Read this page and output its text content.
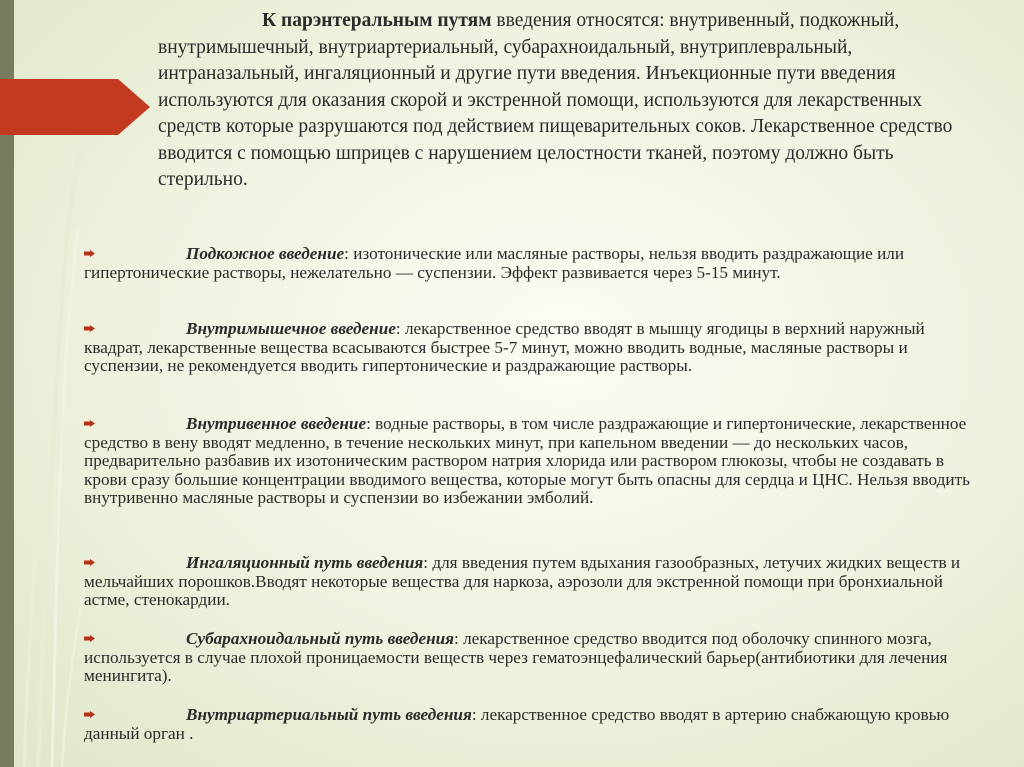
К парэнтеральным путям введения относятся: внутривенный, подкожный, внутримышечный, внутриартериальный, субарахноидальный, внутриплевральный, интраназальный, ингаляционный и другие пути введения. Инъекционные пути введения используются для оказания скорой и экстренной помощи, используются для лекарственных средств которые разрушаются под действием пищеварительных соков. Лекарственное средство вводится с помощью шприцев с нарушением целостности тканей, поэтому должно быть стерильно.

Подкожное введение: изотонические или масляные растворы, нельзя вводить раздражающие или гипертонические растворы, нежелательно — суспензии. Эффект развивается через 5-15 минут.

Внутримышечное введение: лекарственное средство вводят в мышцу ягодицы в верхний наружный квадрат, лекарственные вещества всасываются быстрее 5-7 минут, можно вводить водные, масляные растворы и суспензии, не рекомендуется вводить гипертонические и раздражающие растворы.

Внутривенное введение: водные растворы, в том числе раздражающие и гипертонические, лекарственное средство в вену вводят медленно, в течение нескольких минут, при капельном введении — до нескольких часов, предварительно разбавив их изотоническим раствором натрия хлорида или раствором глюкозы, чтобы не создавать в крови сразу большие концентрации вводимого вещества, которые могут быть опасны для сердца и ЦНС. Нельзя вводить внутривенно масляные растворы и суспензии во избежании эмболий.

Ингаляционный путь введения: для введения путем вдыхания газообразных, летучих жидких веществ и мельчайших порошков.Вводят некоторые вещества для наркоза, аэрозоли для экстренной помощи при бронхиальной астме, стенокардии.

Субарахноидальный путь введения: лекарственное средство вводится под оболочку спинного мозга, используется в случае плохой проницаемости веществ через гематоэнцефалический барьер(антибиотики для лечения менингита).

Внутриартериальный путь введения: лекарственное средство вводят в артерию снабжающую кровью данный орган .
